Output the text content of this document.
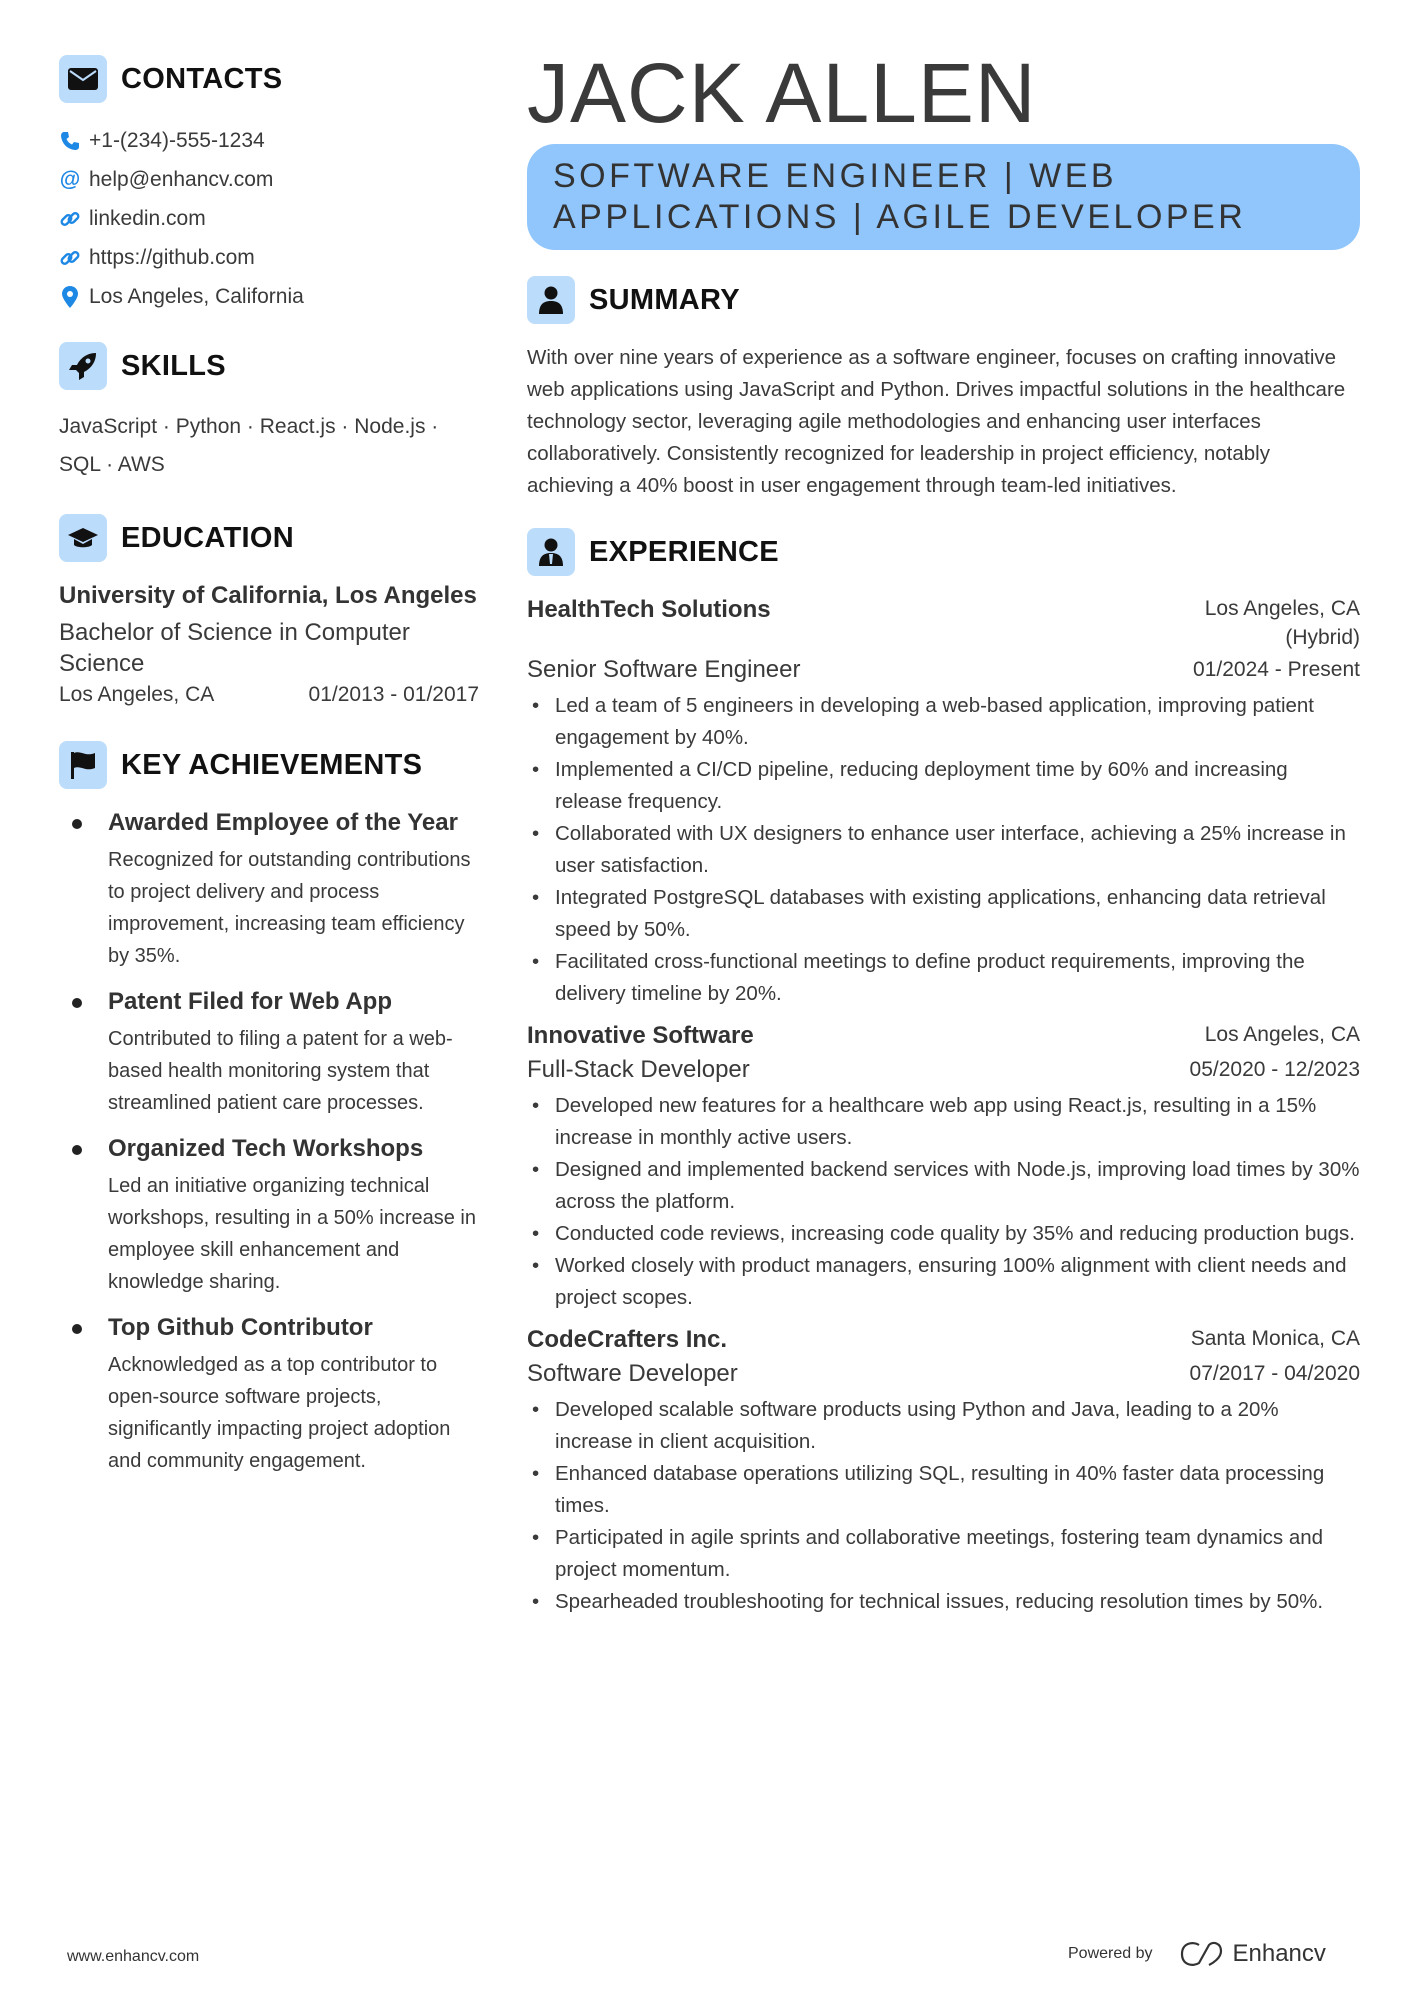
CONTACTS
+1-(234)-555-1234
@ help@enhancv.com
linkedin.com
https://github.com
Los Angeles, California
SKILLS
JavaScript · Python · React.js · Node.js · SQL · AWS
EDUCATION
University of California, Los Angeles
Bachelor of Science in Computer Science
Los Angeles, CA	01/2013 - 01/2017
KEY ACHIEVEMENTS
Awarded Employee of the Year
Recognized for outstanding contributions to project delivery and process improvement, increasing team efficiency by 35%.
Patent Filed for Web App
Contributed to filing a patent for a web-based health monitoring system that streamlined patient care processes.
Organized Tech Workshops
Led an initiative organizing technical workshops, resulting in a 50% increase in employee skill enhancement and knowledge sharing.
Top Github Contributor
Acknowledged as a top contributor to open-source software projects, significantly impacting project adoption and community engagement.
JACK ALLEN
SOFTWARE ENGINEER | WEB APPLICATIONS | AGILE DEVELOPER
SUMMARY

With over nine years of experience as a software engineer, focuses on crafting innovative web applications using JavaScript and Python. Drives impactful solutions in the healthcare technology sector, leveraging agile methodologies and enhancing user interfaces collaboratively. Consistently recognized for leadership in project efficiency, notably achieving a 40% boost in user engagement through team-led initiatives.

EXPERIENCE
HealthTech Solutions	Los Angeles, CA (Hybrid)
Senior Software Engineer	01/2024 - Present
• Led a team of 5 engineers in developing a web-based application, improving patient engagement by 40%.
• Implemented a CI/CD pipeline, reducing deployment time by 60% and increasing release frequency.
• Collaborated with UX designers to enhance user interface, achieving a 25% increase in user satisfaction.
• Integrated PostgreSQL databases with existing applications, enhancing data retrieval speed by 50%.
• Facilitated cross-functional meetings to define product requirements, improving the delivery timeline by 20%.
Innovative Software	Los Angeles, CA
Full-Stack Developer	05/2020 - 12/2023
• Developed new features for a healthcare web app using React.js, resulting in a 15% increase in monthly active users.
• Designed and implemented backend services with Node.js, improving load times by 30% across the platform.
• Conducted code reviews, increasing code quality by 35% and reducing production bugs.
• Worked closely with product managers, ensuring 100% alignment with client needs and project scopes.
CodeCrafters Inc.	Santa Monica, CA
Software Developer	07/2017 - 04/2020
• Developed scalable software products using Python and Java, leading to a 20% increase in client acquisition.
• Enhanced database operations utilizing SQL, resulting in 40% faster data processing times.
• Participated in agile sprints and collaborative meetings, fostering team dynamics and project momentum.
• Spearheaded troubleshooting for technical issues, reducing resolution times by 50%.
www.enhancv.com	Powered by	Enhancv
